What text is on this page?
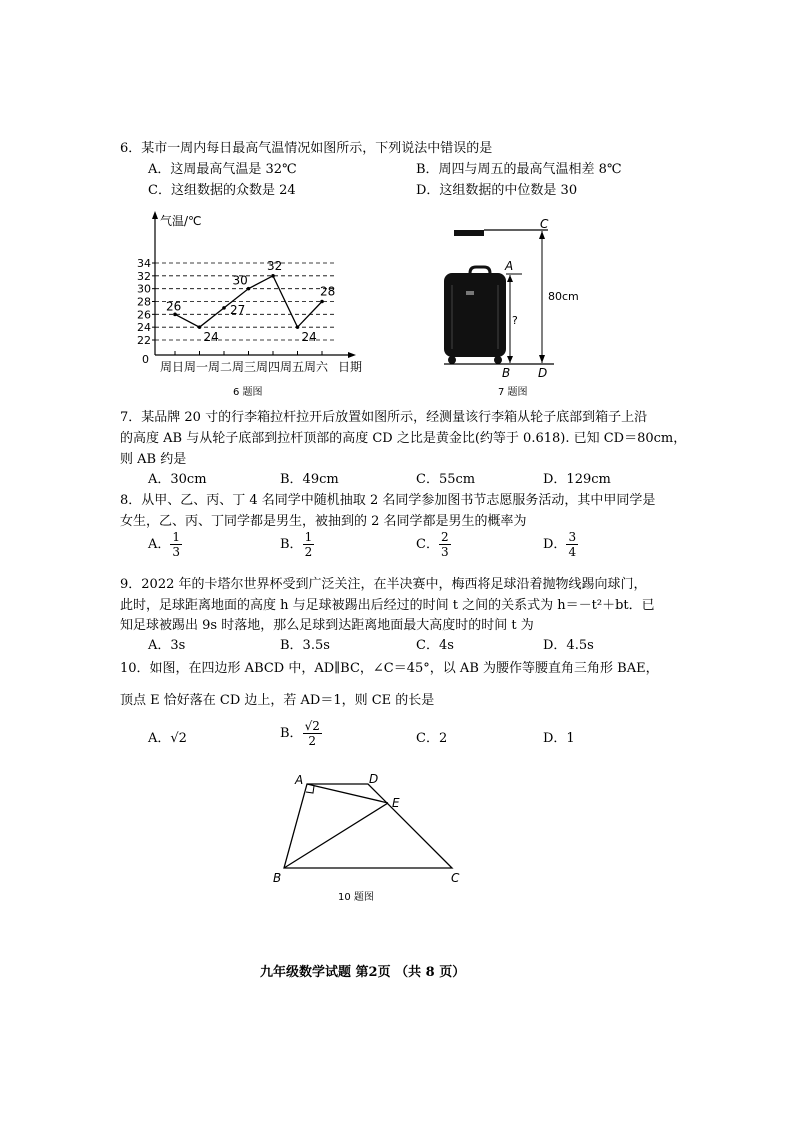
6．某市一周内每日最高气温情况如图所示，下列说法中错误的是
A．这周最高气温是 32℃	B．周四与周五的最高气温相差 8℃
C．这组数据的众数是 24	D．这组数据的中位数是 30
22
24
26
28
30
32
34
周日周一周二周三周四周五周六 日期
气温/℃
0
26
24
27
30
32
24
28
6 题图
C
A
?
80cm
B D
7 题图
7．某品牌 20 寸的行李箱拉杆拉开后放置如图所示，经测量该行李箱从轮子底部到箱子上沿
的高度 AB 与从轮子底部到拉杆顶部的高度 CD 之比是黄金比(约等于 0.618). 已知 CD＝80cm，
则 AB 约是
A．30cm	B．49cm	C．55cm	D．129cm
8．从甲、乙、丙、丁 4 名同学中随机抽取 2 名同学参加图书节志愿服务活动，其中甲同学是
女生，乙、丙、丁同学都是男生，被抽到的 2 名同学都是男生的概率为
A． $\frac{1}{3}$	B． $\frac{1}{2}$	C． $\frac{2}{3}$	D． $\frac{3}{4}$
9．2022 年的卡塔尔世界杯受到广泛关注，在半决赛中，梅西将足球沿着抛物线踢向球门，
此时，足球距离地面的高度 h 与足球被踢出后经过的时间 t 之间的关系式为 h＝－t²＋bt．已
知足球被踢出 9s 时落地，那么足球到达距离地面最大高度时的时间 t 为
A．3s	B．3.5s	C．4s	D．4.5s
10．如图，在四边形 ABCD 中，AD∥BC，∠C＝45°，以 AB 为腰作等腰直角三角形 BAE，
顶点 E 恰好落在 CD 边上，若 AD＝1，则 CE 的长是
A．√2	B． $\frac{√2}{2}$	C．2	D．1
A	D
E
B	C
10 题图
九年级数学试题 第2页 （共 8 页）
